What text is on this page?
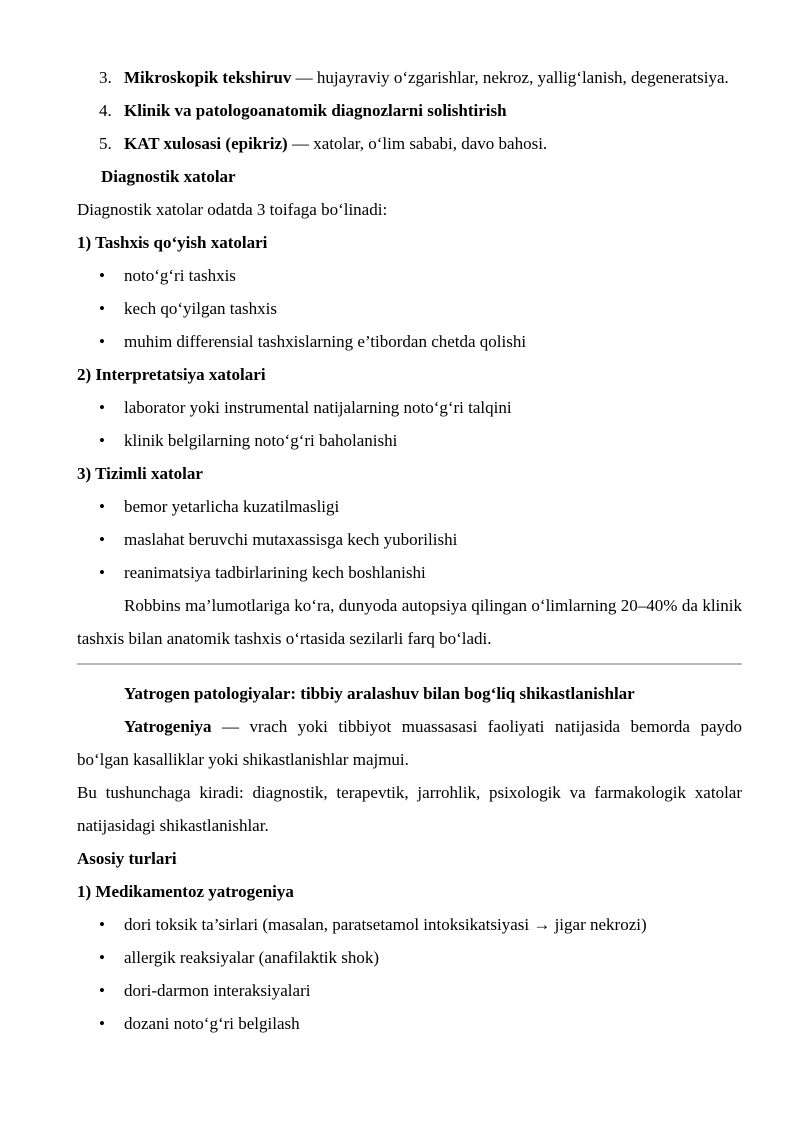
3. Mikroskopik tekshiruv — hujayraviy o‘zgarishlar, nekroz, yallig‘lanish, degeneratsiya.
4. Klinik va patologoanatomik diagnozlarni solishtirish
5. KAT xulosasi (epikriz) — xatolar, o‘lim sababi, davo bahosi.

Diagnostik xatolar

Diagnostik xatolar odatda 3 toifaga bo‘linadi:

1) Tashxis qo‘yish xatolari

• noto‘g‘ri tashxis
• kech qo‘yilgan tashxis
• muhim differensial tashxislarning e’tibordan chetda qolishi

2) Interpretatsiya xatolari

• laborator yoki instrumental natijalarning noto‘g‘ri talqini
• klinik belgilarning noto‘g‘ri baholanishi

3) Tizimli xatolar

• bemor yetarlicha kuzatilmasligi
• maslahat beruvchi mutaxassisga kech yuborilishi
• reanimatsiya tadbirlarining kech boshlanishi

Robbins ma’lumotlariga ko‘ra, dunyoda autopsiya qilingan o‘limlarning 20–40% da klinik tashxis bilan anatomik tashxis o‘rtasida sezilarli farq bo‘ladi.

Yatrogen patologiyalar: tibbiy aralashuv bilan bog‘liq shikastlanishlar

Yatrogeniya — vrach yoki tibbiyot muassasasi faoliyati natijasida bemorda paydo bo‘lgan kasalliklar yoki shikastlanishlar majmui.

Bu tushunchaga kiradi: diagnostik, terapevtik, jarrohlik, psixologik va farmakologik xatolar natijasidagi shikastlanishlar.

Asosiy turlari

1) Medikamentoz yatrogeniya

• dori toksik ta’sirlari (masalan, paratsetamol intoksikatsiyasi → jigar nekrozi)
• allergik reaksiyalar (anafilaktik shok)
• dori-darmon interaksiyalari
• dozani noto‘g‘ri belgilash
